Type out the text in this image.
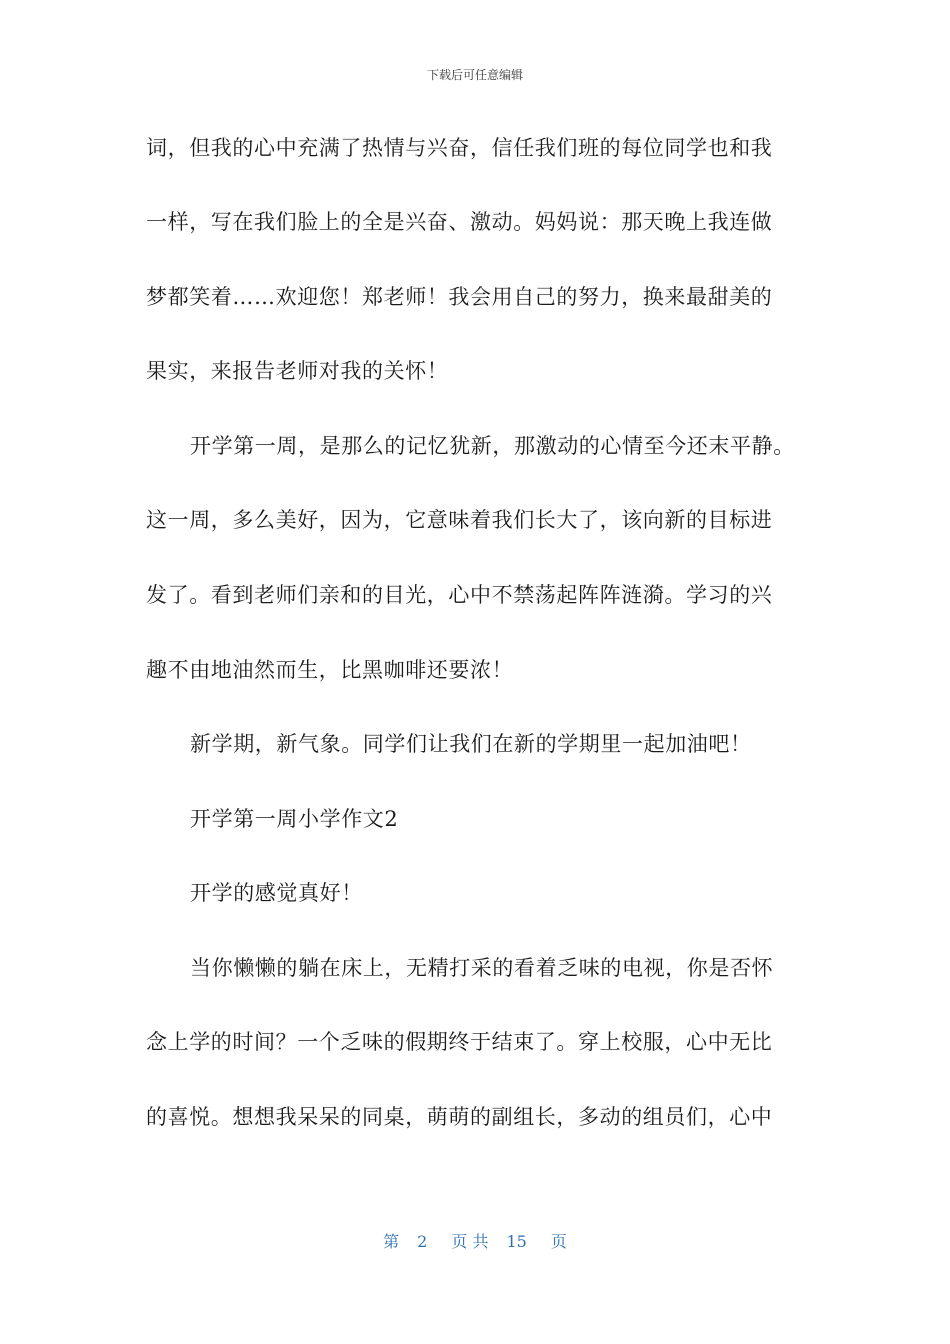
下载后可任意编辑
词，但我的心中充满了热情与兴奋，信任我们班的每位同学也和我
一样，写在我们脸上的全是兴奋、激动。妈妈说：那天晚上我连做
梦都笑着……欢迎您！郑老师！我会用自己的努力，换来最甜美的
果实，来报告老师对我的关怀！
开学第一周，是那么的记忆犹新，那激动的心情至今还末平静。
这一周，多么美好，因为，它意味着我们长大了，该向新的目标进
发了。看到老师们亲和的目光，心中不禁荡起阵阵涟漪。学习的兴
趣不由地油然而生，比黑咖啡还要浓！
新学期，新气象。同学们让我们在新的学期里一起加油吧！
开学第一周小学作文2
开学的感觉真好！
当你懒懒的躺在床上，无精打采的看着乏味的电视，你是否怀
念上学的时间？一个乏味的假期终于结束了。穿上校服，心中无比
的喜悦。想想我呆呆的同桌，萌萌的副组长，多动的组员们，心中
第 2 页 共 15 页
